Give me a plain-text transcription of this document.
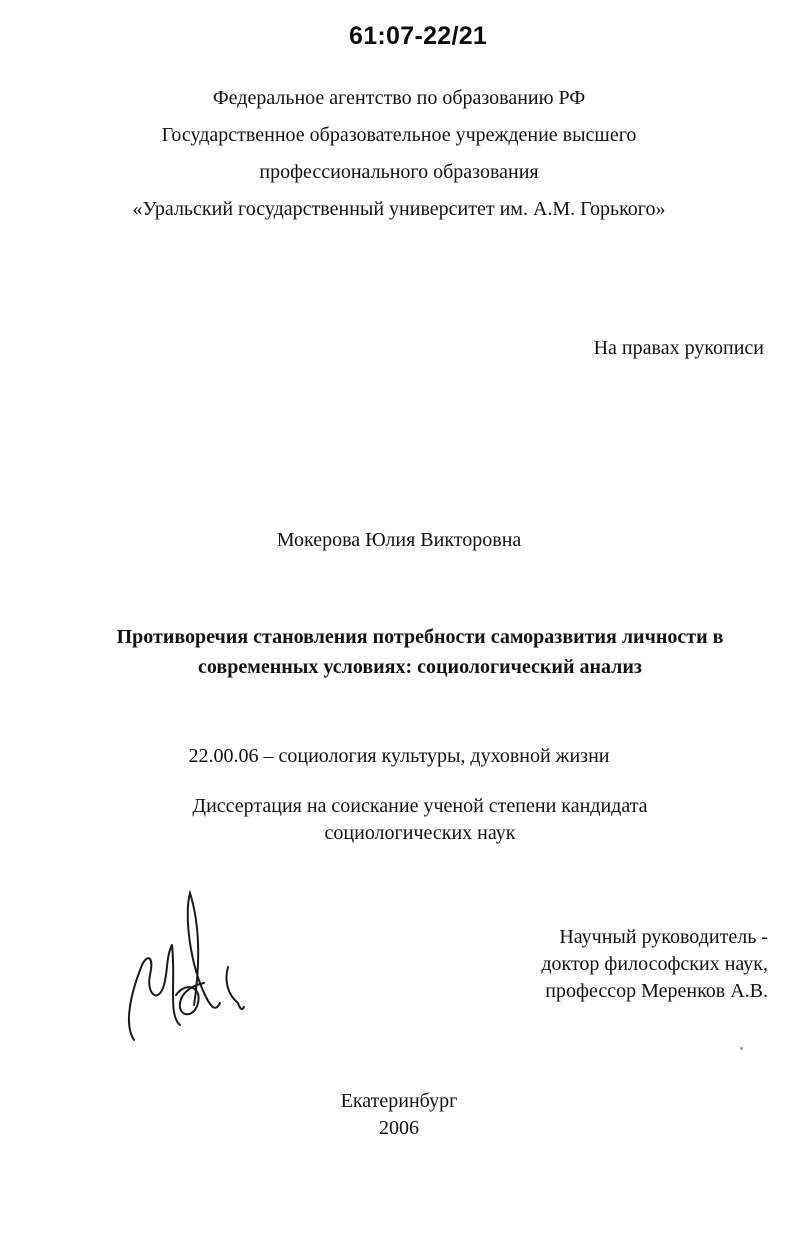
61:07-22/21
Федеральное агентство по образованию РФ
Государственное образовательное учреждение высшего
профессионального образования
«Уральский государственный университет им. А.М. Горького»
На правах рукописи
Мокерова Юлия Викторовна
Противоречия становления потребности саморазвития личности в современных условиях: социологический анализ
22.00.06 – социология культуры, духовной жизни
Диссертация на соискание ученой степени кандидата
социологических наук
Научный руководитель -
доктор философских наук,
профессор Меренков А.В.
Екатеринбург
2006
